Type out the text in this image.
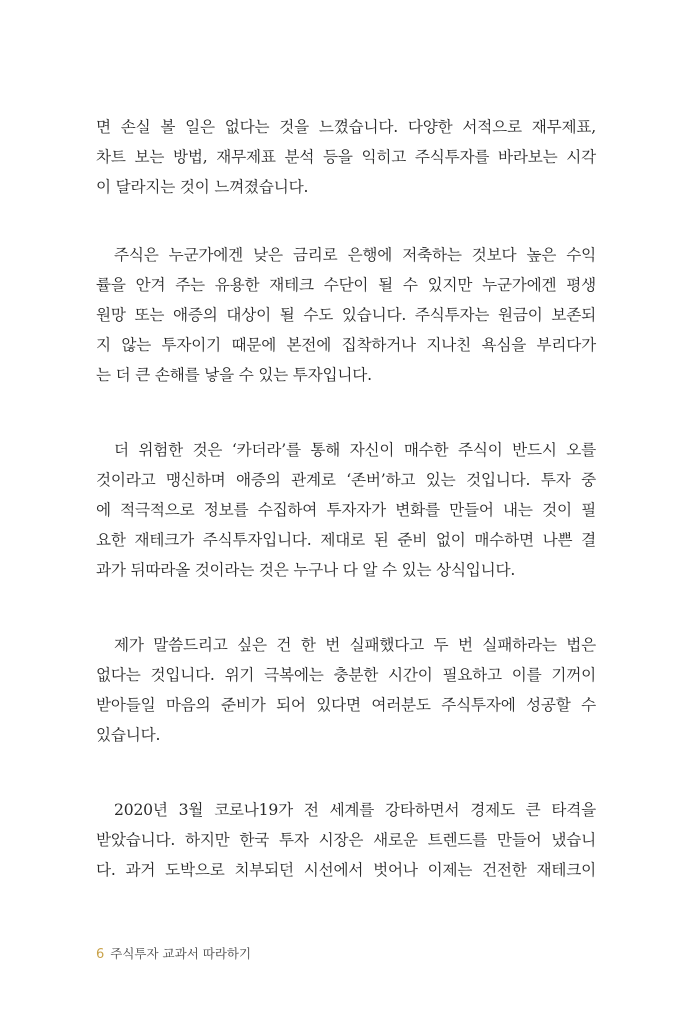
면 손실 볼 일은 없다는 것을 느꼈습니다. 다양한 서적으로 재무제표,
차트 보는 방법, 재무제표 분석 등을 익히고 주식투자를 바라보는 시각
이 달라지는 것이 느껴졌습니다.
주식은 누군가에겐 낮은 금리로 은행에 저축하는 것보다 높은 수익
률을 안겨 주는 유용한 재테크 수단이 될 수 있지만 누군가에겐 평생
원망 또는 애증의 대상이 될 수도 있습니다. 주식투자는 원금이 보존되
지 않는 투자이기 때문에 본전에 집착하거나 지나친 욕심을 부리다가
는 더 큰 손해를 낳을 수 있는 투자입니다.
더 위험한 것은 ‘카더라’를 통해 자신이 매수한 주식이 반드시 오를
것이라고 맹신하며 애증의 관계로 ‘존버’하고 있는 것입니다. 투자 중
에 적극적으로 정보를 수집하여 투자자가 변화를 만들어 내는 것이 필
요한 재테크가 주식투자입니다. 제대로 된 준비 없이 매수하면 나쁜 결
과가 뒤따라올 것이라는 것은 누구나 다 알 수 있는 상식입니다.
제가 말씀드리고 싶은 건 한 번 실패했다고 두 번 실패하라는 법은
없다는 것입니다. 위기 극복에는 충분한 시간이 필요하고 이를 기꺼이
받아들일 마음의 준비가 되어 있다면 여러분도 주식투자에 성공할 수
있습니다.
2020년 3월 코로나19가 전 세계를 강타하면서 경제도 큰 타격을
받았습니다. 하지만 한국 투자 시장은 새로운 트렌드를 만들어 냈습니
다. 과거 도박으로 치부되던 시선에서 벗어나 이제는 건전한 재테크이
6 주식투자 교과서 따라하기
